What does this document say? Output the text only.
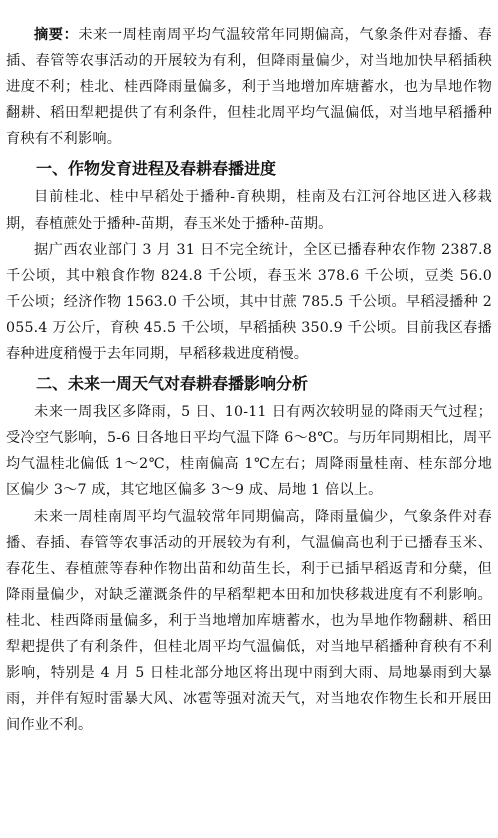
摘要：未来一周桂南周平均气温较常年同期偏高，气象条件对春播、春插、春管等农事活动的开展较为有利，但降雨量偏少，对当地加快早稻插秧进度不利；桂北、桂西降雨量偏多，利于当地增加库塘蓄水，也为旱地作物翻耕、稻田犁耙提供了有利条件，但桂北周平均气温偏低，对当地早稻播种育秧有不利影响。

一、作物发育进程及春耕春播进度

目前桂北、桂中早稻处于播种-育秧期，桂南及右江河谷地区进入移栽期，春植蔗处于播种-苗期，春玉米处于播种-苗期。

据广西农业部门 3 月 31 日不完全统计，全区已播春种农作物 2387.8 千公顷，其中粮食作物 824.8 千公顷，春玉米 378.6 千公顷，豆类 56.0 千公顷；经济作物 1563.0 千公顷，其中甘蔗 785.5 千公顷。早稻浸播种 2055.4 万公斤，育秧 45.5 千公顷，早稻插秧 350.9 千公顷。目前我区春播春种进度稍慢于去年同期，早稻移栽进度稍慢。

二、未来一周天气对春耕春播影响分析

未来一周我区多降雨，5 日、10-11 日有两次较明显的降雨天气过程；受冷空气影响，5-6 日各地日平均气温下降 6～8℃。与历年同期相比，周平均气温桂北偏低 1～2℃，桂南偏高 1℃左右；周降雨量桂南、桂东部分地区偏少 3～7 成，其它地区偏多 3～9 成、局地 1 倍以上。

未来一周桂南周平均气温较常年同期偏高，降雨量偏少，气象条件对春播、春插、春管等农事活动的开展较为有利，气温偏高也利于已播春玉米、春花生、春植蔗等春种作物出苗和幼苗生长，利于已插早稻返青和分蘖，但降雨量偏少，对缺乏灌溉条件的早稻犁耙本田和加快移栽进度有不利影响。桂北、桂西降雨量偏多，利于当地增加库塘蓄水，也为旱地作物翻耕、稻田犁耙提供了有利条件，但桂北周平均气温偏低，对当地早稻播种育秧有不利影响，特别是 4 月 5 日桂北部分地区将出现中雨到大雨、局地暴雨到大暴雨，并伴有短时雷暴大风、冰雹等强对流天气，对当地农作物生长和开展田间作业不利。
